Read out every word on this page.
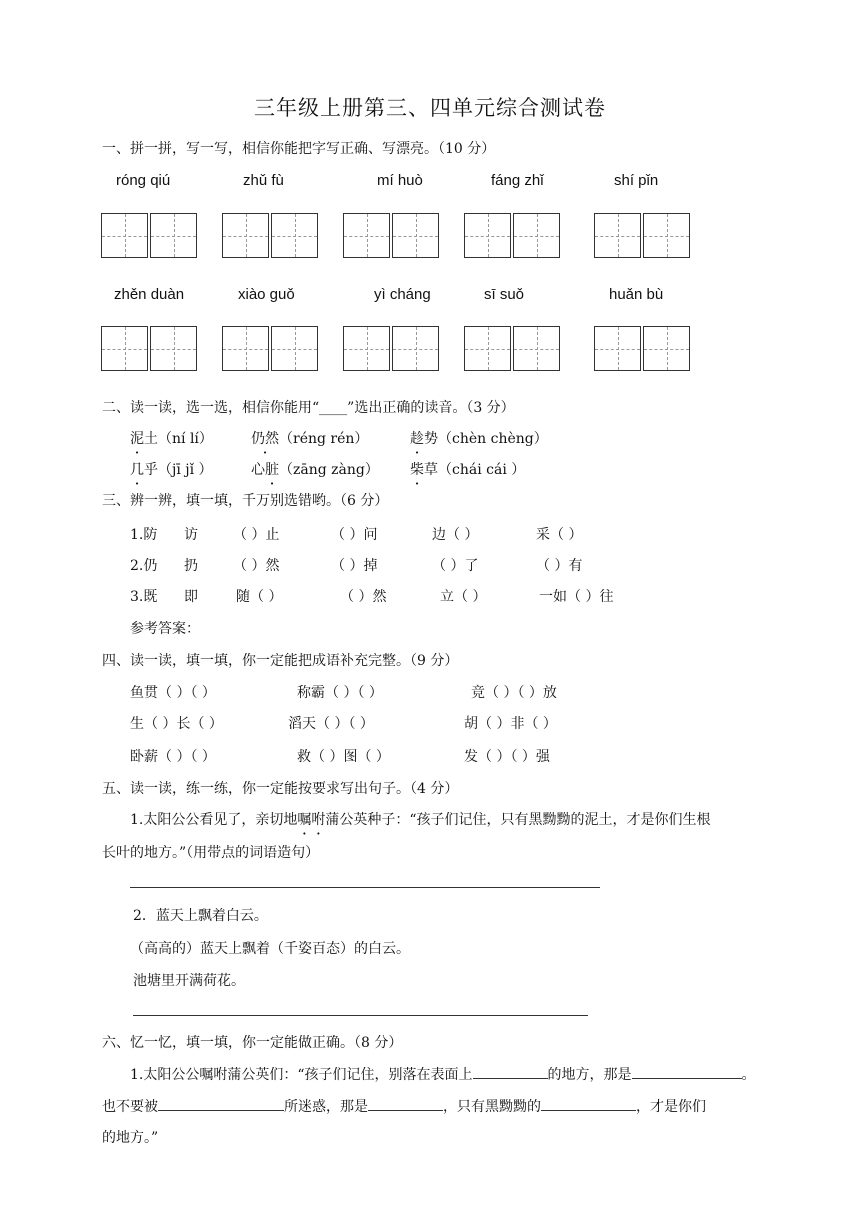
三年级上册第三、四单元综合测试卷
一、拼一拼，写一写，相信你能把字写正确、写漂亮。（10 分）
róng qiú	zhǔ fù	mí huò	fáng zhǐ	shí pǐn
zhěn duàn	xiào guǒ	yì cháng	sī suǒ	huǎn bù
二、读一读，选一选，相信你能用“____”选出正确的读音。（3 分）
泥土（ní lí）	仍然（réng rén）	趁势（chèn chèng）
几乎（jī jǐ ）	心脏（zāng zàng） 柴草（chái cái ）
三、辨一辨，填一填，千万别选错哟。（6 分）
1.防 访	（ ）止	（ ）问	边（ ）	采（ ）
2.仍 扔	（ ）然	（ ）掉	（ ）了	（ ）有
3.既 即	随（ ）	（ ）然	立（ ）	一如（ ）往
参考答案：
四、读一读，填一填，你一定能把成语补充完整。（9 分）
鱼贯（ ）（ ）	称霸（ ）（ ）	竞（ ）（ ）放
生（ ）长（ ）	滔天（ ）（ ）	胡（ ）非（ ）
卧薪（ ）（ ）	救（ ）图（ ）	发（ ）（ ）强
五、读一读，练一练，你一定能按要求写出句子。（4 分）
1.太阳公公看见了，亲切地嘱咐蒲公英种子：“孩子们记住，只有黑黝黝的泥土，才是你们生根
长叶的地方。”（用带点的词语造句）
2．蓝天上飘着白云。
（高高的）蓝天上飘着（千姿百态）的白云。
池塘里开满荷花。
六、忆一忆，填一填，你一定能做正确。（8 分）
1.太阳公公嘱咐蒲公英们：“孩子们记住，别落在表面上	的地方，那是	。
也不要被	所迷惑，那是	，只有黑黝黝的	，才是你们
的地方。”
